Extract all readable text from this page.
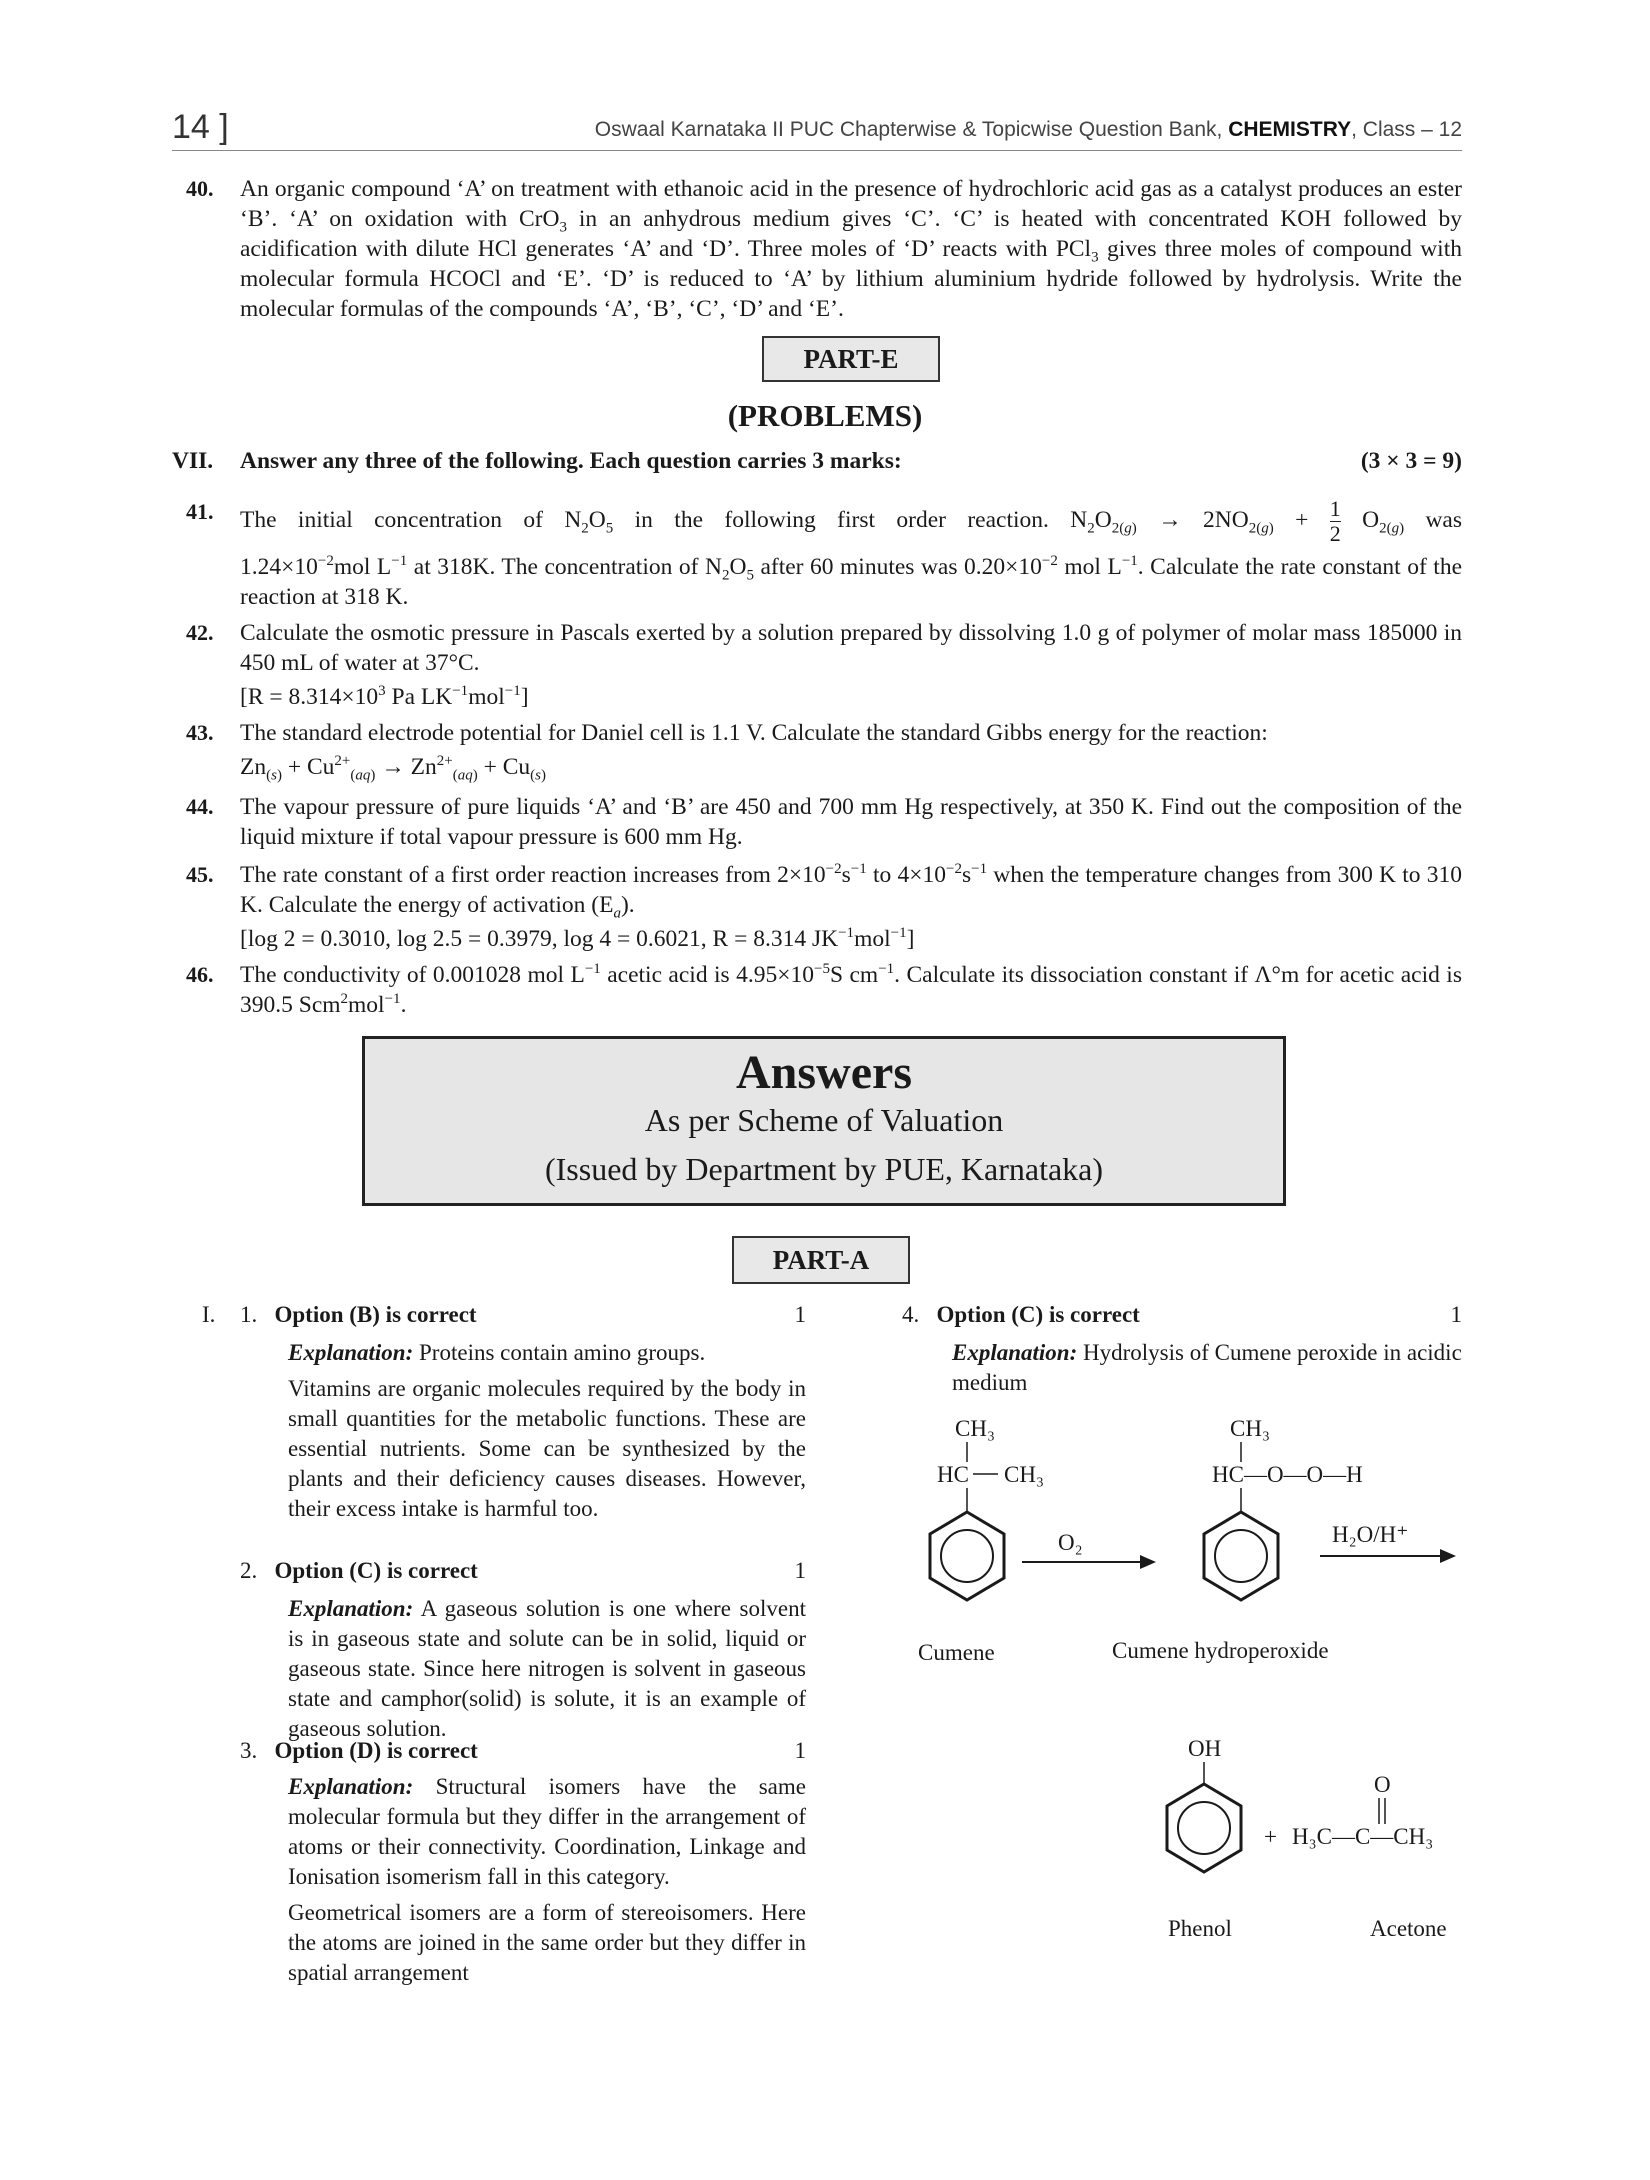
14 ]	Oswaal Karnataka II PUC Chapterwise & Topicwise Question Bank, CHEMISTRY, Class – 12
40.	An organic compound ‘A’ on treatment with ethanoic acid in the presence of hydrochloric acid gas as a catalyst produces an ester ‘B’. ‘A’ on oxidation with CrO$_3$ in an anhydrous medium gives ‘C’. ‘C’ is heated with concentrated KOH followed by acidification with dilute HCl generates ‘A’ and ‘D’. Three moles of ‘D’ reacts with PCl$_3$ gives three moles of compound with molecular formula HCOCl and ‘E’. ‘D’ is reduced to ‘A’ by lithium aluminium hydride followed by hydrolysis. Write the molecular formulas of the compounds ‘A’, ‘B’, ‘C’, ‘D’ and ‘E’.
PART-E
(PROBLEMS)
VII. Answer any three of the following. Each question carries 3 marks:	(3 × 3 = 9)
41. The initial concentration of $N_2O_5$ in the following first order reaction. $N_2O_{2(g)} \to 2NO_{2(g)} + \frac{1}{2} O_{2(g)}$ was
$1.24\times 10^{-2}mol$ $L^{-1}$ at 318K. The concentration of $N_2O_5$ after 60 minutes was $0.20\times 10^{-2}$ mol $L^{-1}$. Calculate the rate constant of the reaction at 318 K.
42. Calculate the osmotic pressure in Pascals exerted by a solution prepared by dissolving 1.0 g of polymer of molar mass 185000 in 450 mL of water at 37°C.
[$R = 8.314\times 10^3$ Pa $LK^{-1}mol^{-1}$]
43. The standard electrode potential for Daniel cell is 1.1 V. Calculate the standard Gibbs energy for the reaction:
$Zn_{(s)} + Cu^{2+}_{(aq)} \to Zn^{2+}_{(aq)} + Cu_{(s)}$
44. The vapour pressure of pure liquids ‘A’ and ‘B’ are 450 and 700 mm Hg respectively, at 350 K. Find out the composition of the liquid mixture if total vapour pressure is 600 mm Hg.
45. The rate constant of a first order reaction increases from $2\times 10^{-2}s^{-1}$ to $4\times 10^{-2}s^{-1}$ when the temperature changes from 300 K to 310 K. Calculate the energy of activation $(E_a)$.
[log 2 = 0.3010, log 2.5 = 0.3979, log 4 = 0.6021, R = 8.314 $JK^{-1}mol^{-1}$]
46. The conductivity of 0.001028 mol $L^{-1}$ acetic acid is $4.95\times 10^{-5}S$ $cm^{-1}$. Calculate its dissociation constant if Λ°m for acetic acid is 390.5 Scm$^2$mol$^{-1}$.
Answers
As per Scheme of Valuation
(Issued by Department by PUE, Karnataka)
PART-A
I. 1. Option (B) is correct	1
Explanation: Proteins contain amino groups.
Vitamins are organic molecules required by the body in small quantities for the metabolic functions. These are essential nutrients. Some can be synthesized by the plants and their deficiency causes diseases. However, their excess intake is harmful too.
2. Option (C) is correct	1
Explanation: A gaseous solution is one where solvent is in gaseous state and solute can be in solid, liquid or gaseous state. Since here nitrogen is solvent in gaseous state and camphor(solid) is solute, it is an example of gaseous solution.
3. Option (D) is correct	1
Explanation: Structural isomers have the same molecular formula but they differ in the arrangement of atoms or their connectivity. Coordination, Linkage and Ionisation isomerism fall in this category.
Geometrical isomers are a form of stereoisomers. Here the atoms are joined in the same order but they differ in spatial arrangement
4. Option (C) is correct	1
Explanation: Hydrolysis of Cumene peroxide in acidic medium
CH₃
HC CH₃
Cumene
O₂
CH₃
HC—O—O—H
Cumene hydroperoxide
H₂O/H⁺
OH
Phenol
+
O
H₃C—C—CH₃
Acetone
